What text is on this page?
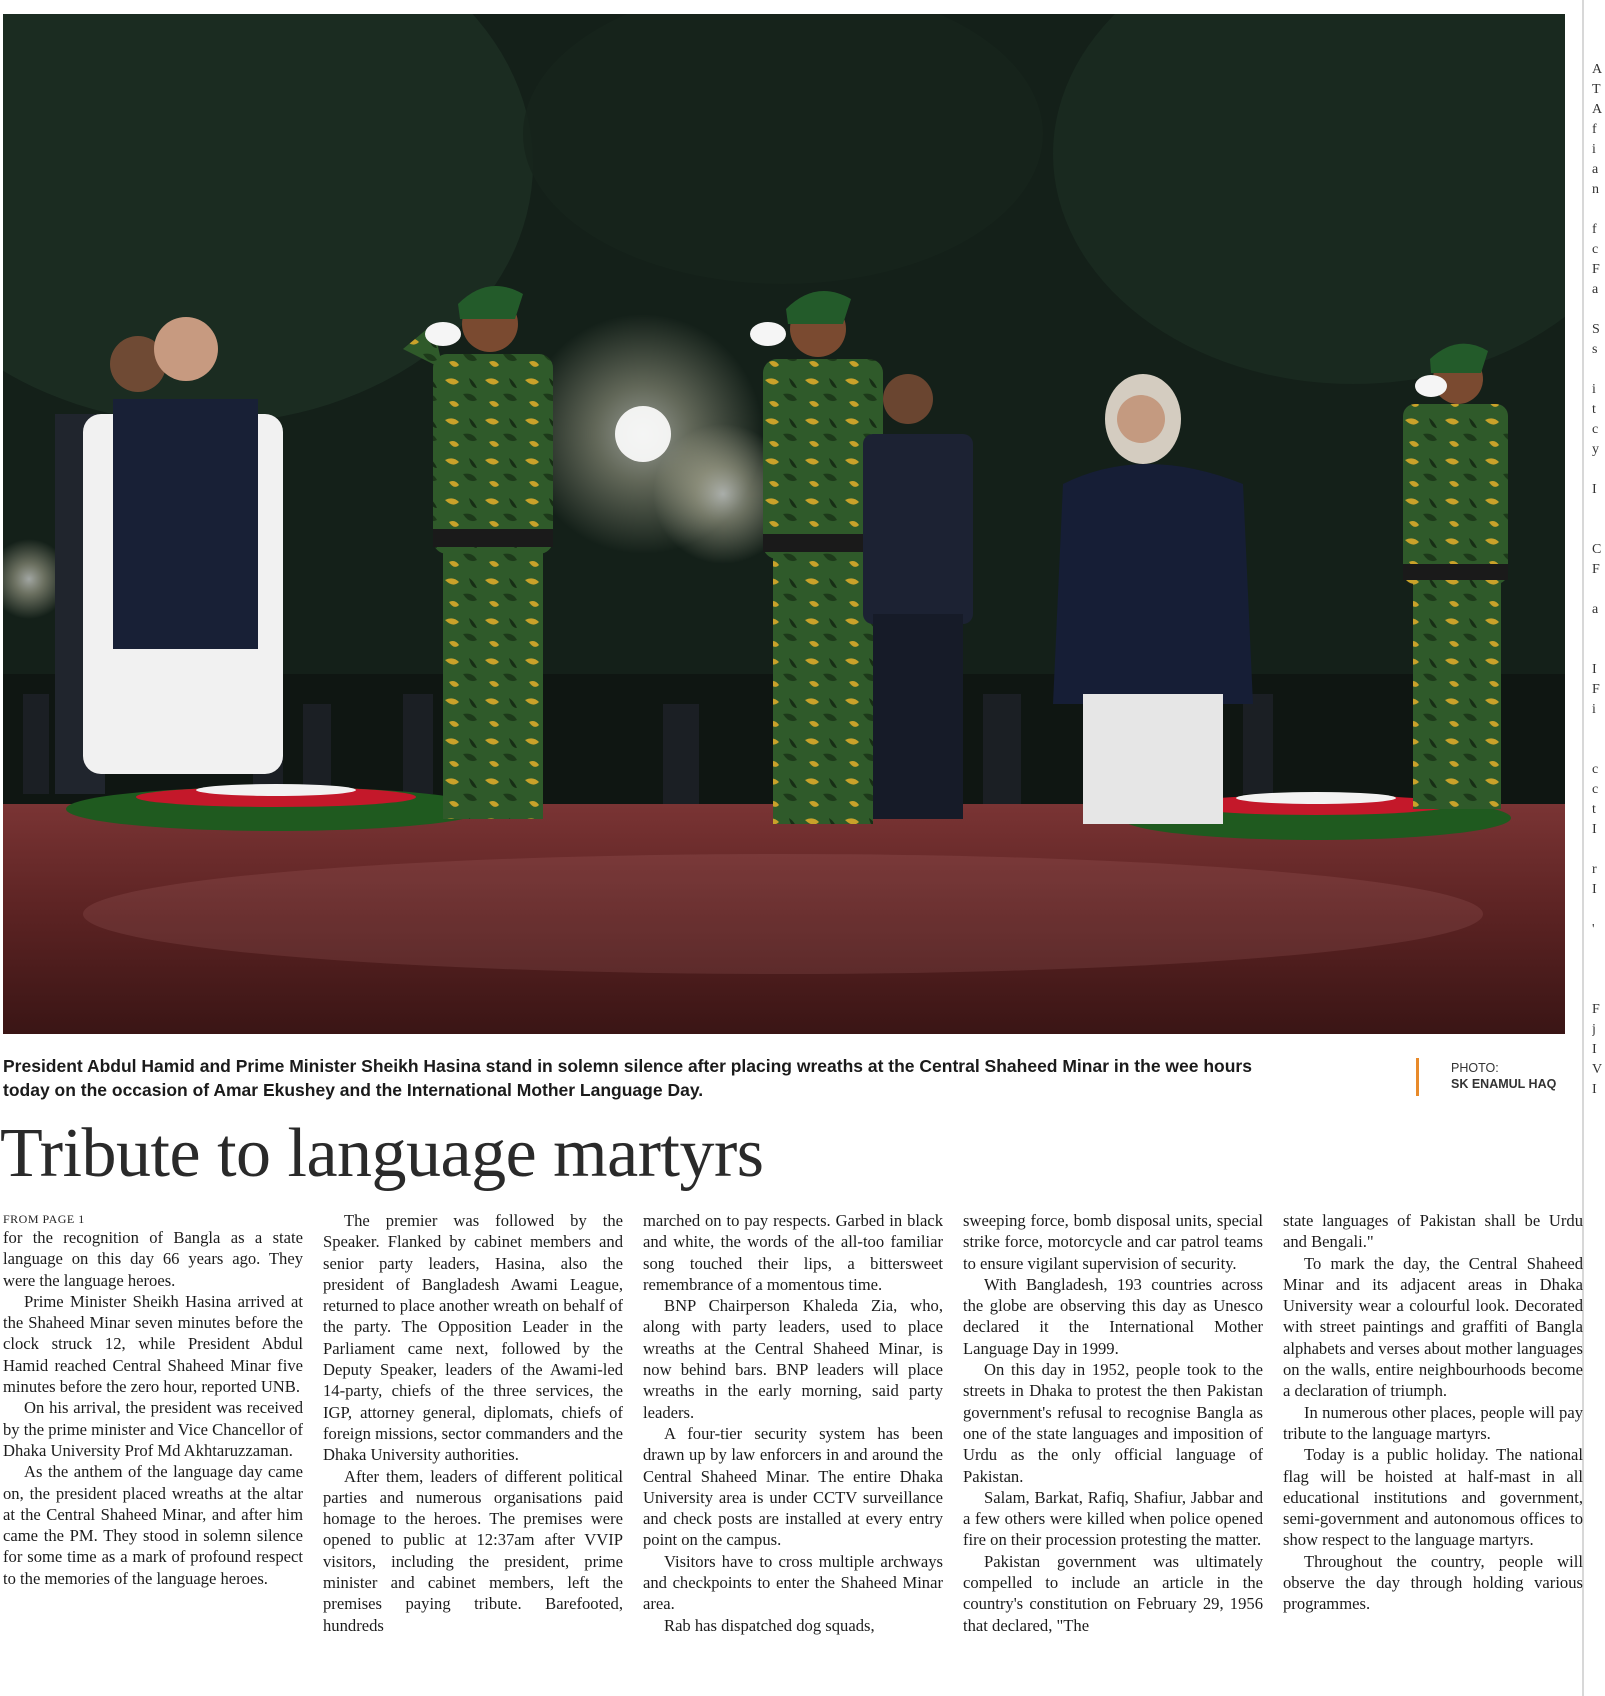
A
T
A
f
i
a
n

f
c
F
a

S
s

i
t
c
y

I

C
F

a

I
F
i

c
c
t
I

r
I

'

F
j
I
V
I
President Abdul Hamid and Prime Minister Sheikh Hasina stand in solemn silence after placing wreaths at the Central Shaheed Minar in the wee hours today on the occasion of Amar Ekushey and the International Mother Language Day.
PHOTO:
SK ENAMUL HAQ
Tribute to language martyrs
FROM PAGE 1

for the recognition of Bangla as a state language on this day 66 years ago. They were the language heroes.

Prime Minister Sheikh Hasina arrived at the Shaheed Minar seven minutes before the clock struck 12, while President Abdul Hamid reached Central Shaheed Minar five minutes before the zero hour, reported UNB.

On his arrival, the president was received by the prime minister and Vice Chancellor of Dhaka University Prof Md Akhtaruzzaman.

As the anthem of the language day came on, the president placed wreaths at the altar at the Central Shaheed Minar, and after him came the PM. They stood in solemn silence for some time as a mark of profound respect to the memories of the language heroes.

The premier was followed by the Speaker. Flanked by cabinet members and senior party leaders, Hasina, also the president of Bangladesh Awami League, returned to place another wreath on behalf of the party. The Opposition Leader in the Parliament came next, followed by the Deputy Speaker, leaders of the Awami-led 14-party, chiefs of the three services, the IGP, attorney general, diplomats, chiefs of foreign missions, sector commanders and the Dhaka University authorities.

After them, leaders of different political parties and numerous organisations paid homage to the heroes. The premises were opened to public at 12:37am after VVIP visitors, including the president, prime minister and cabinet members, left the premises paying tribute. Barefooted, hundreds

marched on to pay respects. Garbed in black and white, the words of the all-too familiar song touched their lips, a bittersweet remembrance of a momentous time.

BNP Chairperson Khaleda Zia, who, along with party leaders, used to place wreaths at the Central Shaheed Minar, is now behind bars. BNP leaders will place wreaths in the early morning, said party leaders.

A four-tier security system has been drawn up by law enforcers in and around the Central Shaheed Minar. The entire Dhaka University area is under CCTV surveillance and check posts are installed at every entry point on the campus.

Visitors have to cross multiple archways and checkpoints to enter the Shaheed Minar area.

Rab has dispatched dog squads,

sweeping force, bomb disposal units, special strike force, motorcycle and car patrol teams to ensure vigilant supervision of security.

With Bangladesh, 193 countries across the globe are observing this day as Unesco declared it the International Mother Language Day in 1999.

On this day in 1952, people took to the streets in Dhaka to protest the then Pakistan government's refusal to recognise Bangla as one of the state languages and imposition of Urdu as the only official language of Pakistan.

Salam, Barkat, Rafiq, Shafiur, Jabbar and a few others were killed when police opened fire on their procession protesting the matter.

Pakistan government was ultimately compelled to include an article in the country's constitution on February 29, 1956 that declared, "The

state languages of Pakistan shall be Urdu and Bengali."

To mark the day, the Central Shaheed Minar and its adjacent areas in Dhaka University wear a colourful look. Decorated with street paintings and graffiti of Bangla alphabets and verses about mother languages on the walls, entire neighbourhoods become a declaration of triumph.

In numerous other places, people will pay tribute to the language martyrs.

Today is a public holiday. The national flag will be hoisted at half-mast in all educational institutions and government, semi-government and autonomous offices to show respect to the language martyrs.

Throughout the country, people will observe the day through holding various programmes.
